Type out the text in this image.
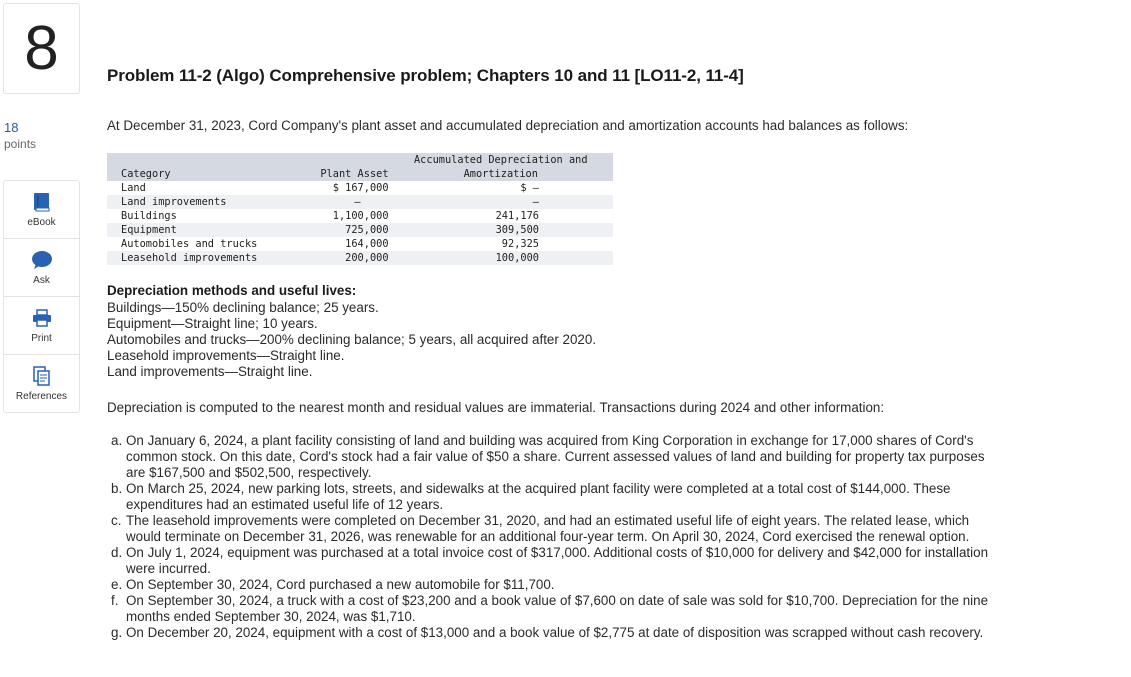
8
18
points
eBook
Ask
Print
References
Problem 11-2 (Algo) Comprehensive problem; Chapters 10 and 11 [LO11-2, 11-4]

At December 31, 2023, Cord Company's plant asset and accumulated depreciation and amortization accounts had balances as follows:

		Accumulated Depreciation and
Category	Plant Asset	Amortization
Land	$ 167,000	$ –
Land improvements	–	–
Buildings	1,100,000	241,176
Equipment	725,000	309,500
Automobiles and trucks	164,000	92,325
Leasehold improvements	200,000	100,000
Depreciation methods and useful lives:
Buildings—150% declining balance; 25 years.
Equipment—Straight line; 10 years.
Automobiles and trucks—200% declining balance; 5 years, all acquired after 2020.
Leasehold improvements—Straight line.
Land improvements—Straight line.

Depreciation is computed to the nearest month and residual values are immaterial. Transactions during 2024 and other information:

a. On January 6, 2024, a plant facility consisting of land and building was acquired from King Corporation in exchange for 17,000 shares of Cord's common stock. On this date, Cord's stock had a fair value of $50 a share. Current assessed values of land and building for property tax purposes are $167,500 and $502,500, respectively.
b. On March 25, 2024, new parking lots, streets, and sidewalks at the acquired plant facility were completed at a total cost of $144,000. These expenditures had an estimated useful life of 12 years.
c. The leasehold improvements were completed on December 31, 2020, and had an estimated useful life of eight years. The related lease, which would terminate on December 31, 2026, was renewable for an additional four-year term. On April 30, 2024, Cord exercised the renewal option.
d. On July 1, 2024, equipment was purchased at a total invoice cost of $317,000. Additional costs of $10,000 for delivery and $42,000 for installation were incurred.
e. On September 30, 2024, Cord purchased a new automobile for $11,700.
f. On September 30, 2024, a truck with a cost of $23,200 and a book value of $7,600 on date of sale was sold for $10,700. Depreciation for the nine months ended September 30, 2024, was $1,710.
g. On December 20, 2024, equipment with a cost of $13,000 and a book value of $2,775 at date of disposition was scrapped without cash recovery.
